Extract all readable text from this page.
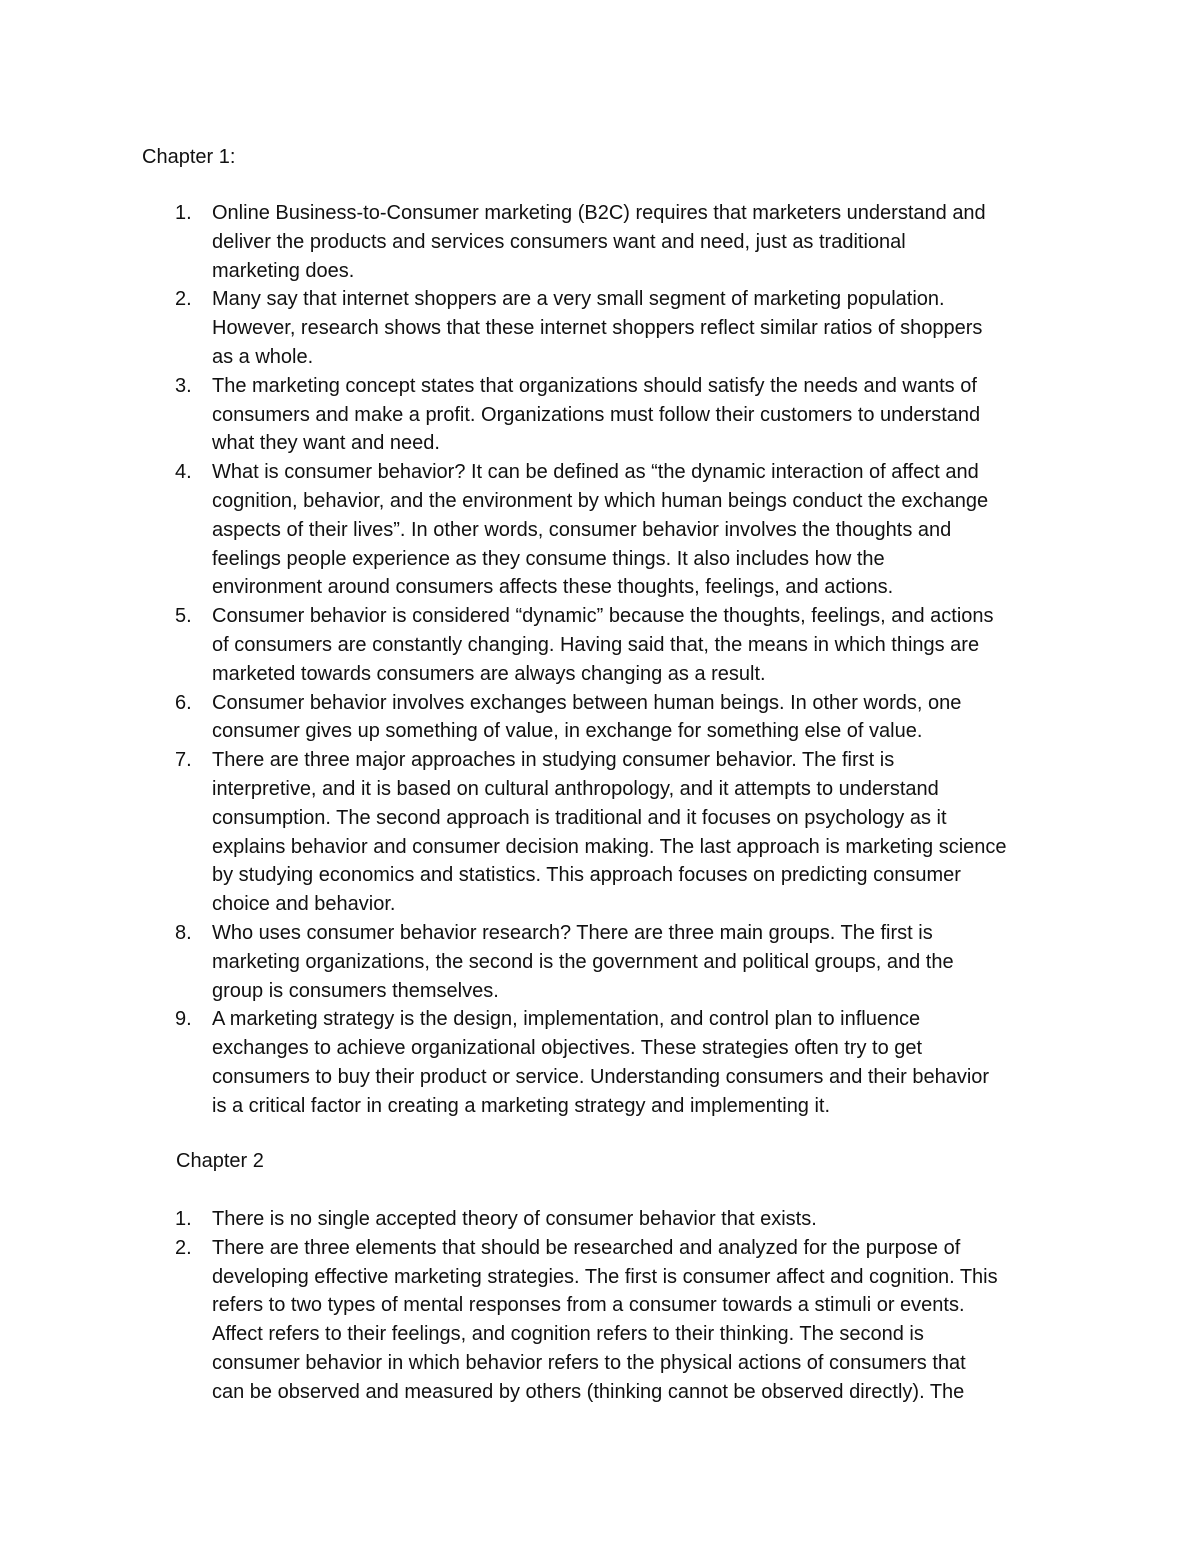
Chapter 1:
1. Online Business-to-Consumer marketing (B2C) requires that marketers understand and
deliver the products and services consumers want and need, just as traditional
marketing does.
2. Many say that internet shoppers are a very small segment of marketing population.
However, research shows that these internet shoppers reflect similar ratios of shoppers
as a whole.
3. The marketing concept states that organizations should satisfy the needs and wants of
consumers and make a profit. Organizations must follow their customers to understand
what they want and need.
4. What is consumer behavior? It can be defined as “the dynamic interaction of affect and
cognition, behavior, and the environment by which human beings conduct the exchange
aspects of their lives”. In other words, consumer behavior involves the thoughts and
feelings people experience as they consume things. It also includes how the
environment around consumers affects these thoughts, feelings, and actions.
5. Consumer behavior is considered “dynamic” because the thoughts, feelings, and actions
of consumers are constantly changing. Having said that, the means in which things are
marketed towards consumers are always changing as a result.
6. Consumer behavior involves exchanges between human beings. In other words, one
consumer gives up something of value, in exchange for something else of value.
7. There are three major approaches in studying consumer behavior. The first is
interpretive, and it is based on cultural anthropology, and it attempts to understand
consumption. The second approach is traditional and it focuses on psychology as it
explains behavior and consumer decision making. The last approach is marketing science
by studying economics and statistics. This approach focuses on predicting consumer
choice and behavior.
8. Who uses consumer behavior research? There are three main groups. The first is
marketing organizations, the second is the government and political groups, and the
group is consumers themselves.
9. A marketing strategy is the design, implementation, and control plan to influence
exchanges to achieve organizational objectives. These strategies often try to get
consumers to buy their product or service. Understanding consumers and their behavior
is a critical factor in creating a marketing strategy and implementing it.
Chapter 2
1. There is no single accepted theory of consumer behavior that exists.
2. There are three elements that should be researched and analyzed for the purpose of
developing effective marketing strategies. The first is consumer affect and cognition. This
refers to two types of mental responses from a consumer towards a stimuli or events.
Affect refers to their feelings, and cognition refers to their thinking. The second is
consumer behavior in which behavior refers to the physical actions of consumers that
can be observed and measured by others (thinking cannot be observed directly). The
